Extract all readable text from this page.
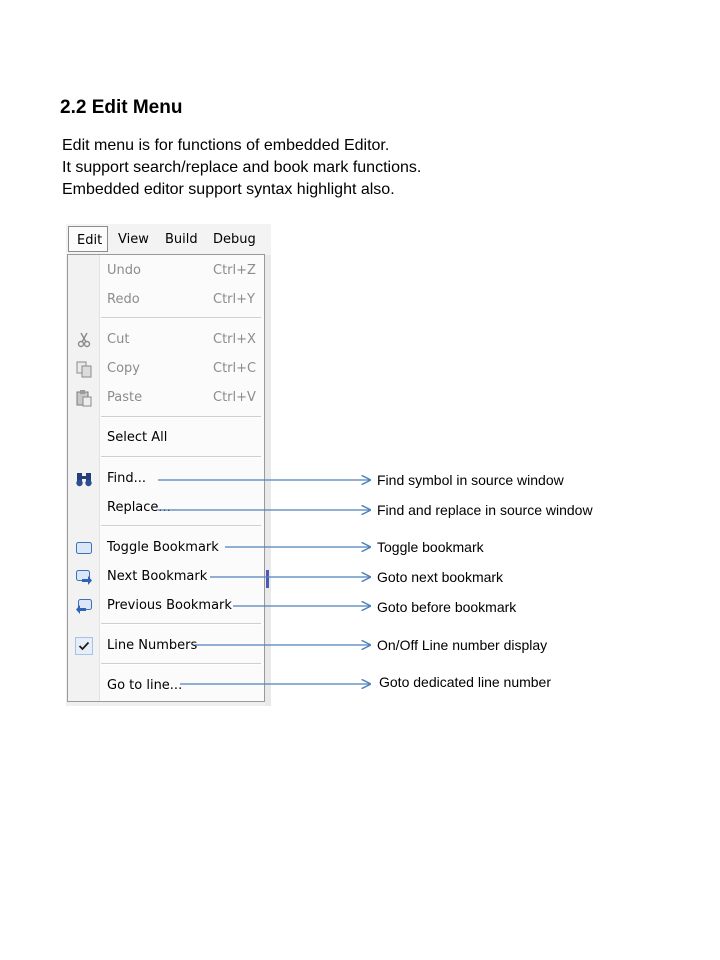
2.2 Edit Menu
Edit menu is for functions of embedded Editor.
It support search/replace and book mark functions.
Embedded editor support syntax highlight also.
Edit	View Build Debug
Undo	Ctrl+Z
Redo	Ctrl+Y
Cut	Ctrl+X
Copy	Ctrl+C
Paste	Ctrl+V
Select All
Find...
Replace...
Toggle Bookmark
Next Bookmark
Previous Bookmark
Line Numbers
Go to line...
Find symbol in source window
Find and replace in source window
Toggle bookmark
Goto next bookmark
Goto before bookmark
On/Off Line number display
Goto dedicated line number
